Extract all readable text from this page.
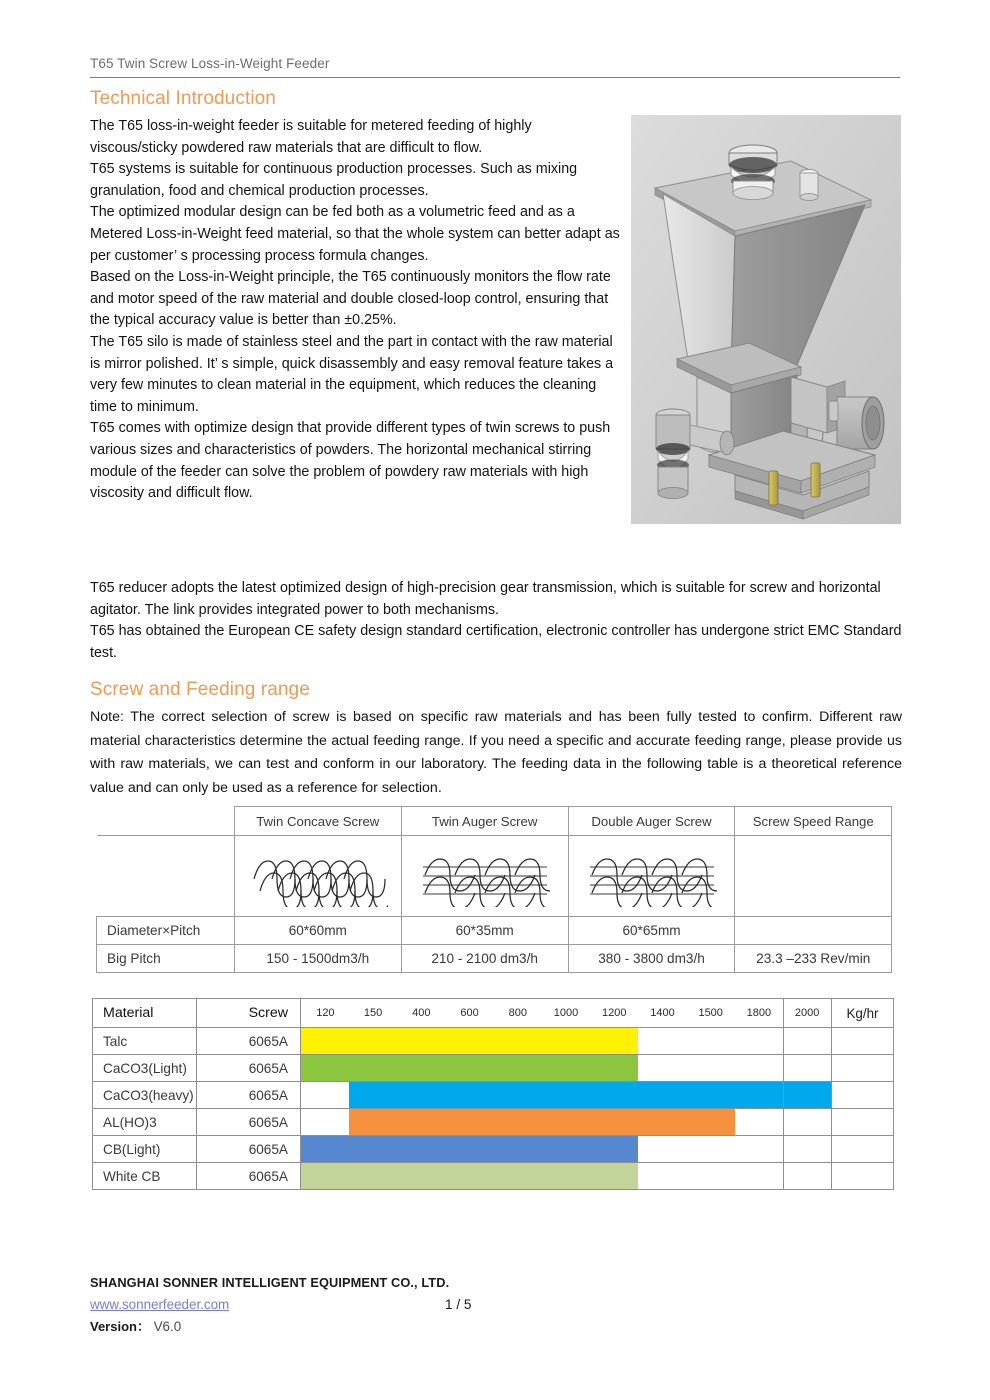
T65 Twin Screw Loss-in-Weight Feeder
Technical Introduction

The T65 loss-in-weight feeder is suitable for metered feeding of highly viscous/sticky powdered raw materials that are difficult to flow.

T65 systems is suitable for continuous production processes. Such as mixing granulation, food and chemical production processes.

The optimized modular design can be fed both as a volumetric feed and as a Metered Loss-in-Weight feed material, so that the whole system can better adapt as per customer’ s processing process formula changes.

Based on the Loss-in-Weight principle, the T65 continuously monitors the flow rate and motor speed of the raw material and double closed-loop control, ensuring that the typical accuracy value is better than ±0.25%.

The T65 silo is made of stainless steel and the part in contact with the raw material is mirror polished. It’ s simple, quick disassembly and easy removal feature takes a very few minutes to clean material in the equipment, which reduces the cleaning time to minimum.

T65 comes with optimize design that provide different types of twin screws to push various sizes and characteristics of powders. The horizontal mechanical stirring module of the feeder can solve the problem of powdery raw materials with high viscosity and difficult flow.

T65 reducer adopts the latest optimized design of high-precision gear transmission, which is suitable for screw and horizontal agitator. The link provides integrated power to both mechanisms.
T65 has obtained the European CE safety design standard certification, electronic controller has undergone strict EMC Standard test.
Screw and Feeding range
Note: The correct selection of screw is based on specific raw materials and has been fully tested to confirm. Different raw material characteristics determine the actual feeding range. If you need a specific and accurate feeding range, please provide us with raw materials, we can test and conform in our laboratory. The feeding data in the following table is a theoretical reference value and can only be used as a reference for selection.
	Twin Concave Screw	Twin Auger Screw	Double Auger Screw	Screw Speed Range

Diameter×Pitch	60*60mm	60*35mm	60*65mm	
Big Pitch	150 - 1500dm3/h	210 - 2100 dm3/h	380 - 3800 dm3/h	23.3 –233 Rev/min
Material	Screw	120	150	400	600	800 1000 1200 1400 1500 1800 2000	Kg/hr
Talc	6065A	

CaCO3(Light)	6065A	

CaCO3(heavy)	6065A	

AL(HO)3	6065A	

CB(Light)	6065A	

White CB	6065A	

SHANGHAI SONNER INTELLIGENT EQUIPMENT CO., LTD.
www.sonnerfeeder.com	1 / 5
Version： V6.0
